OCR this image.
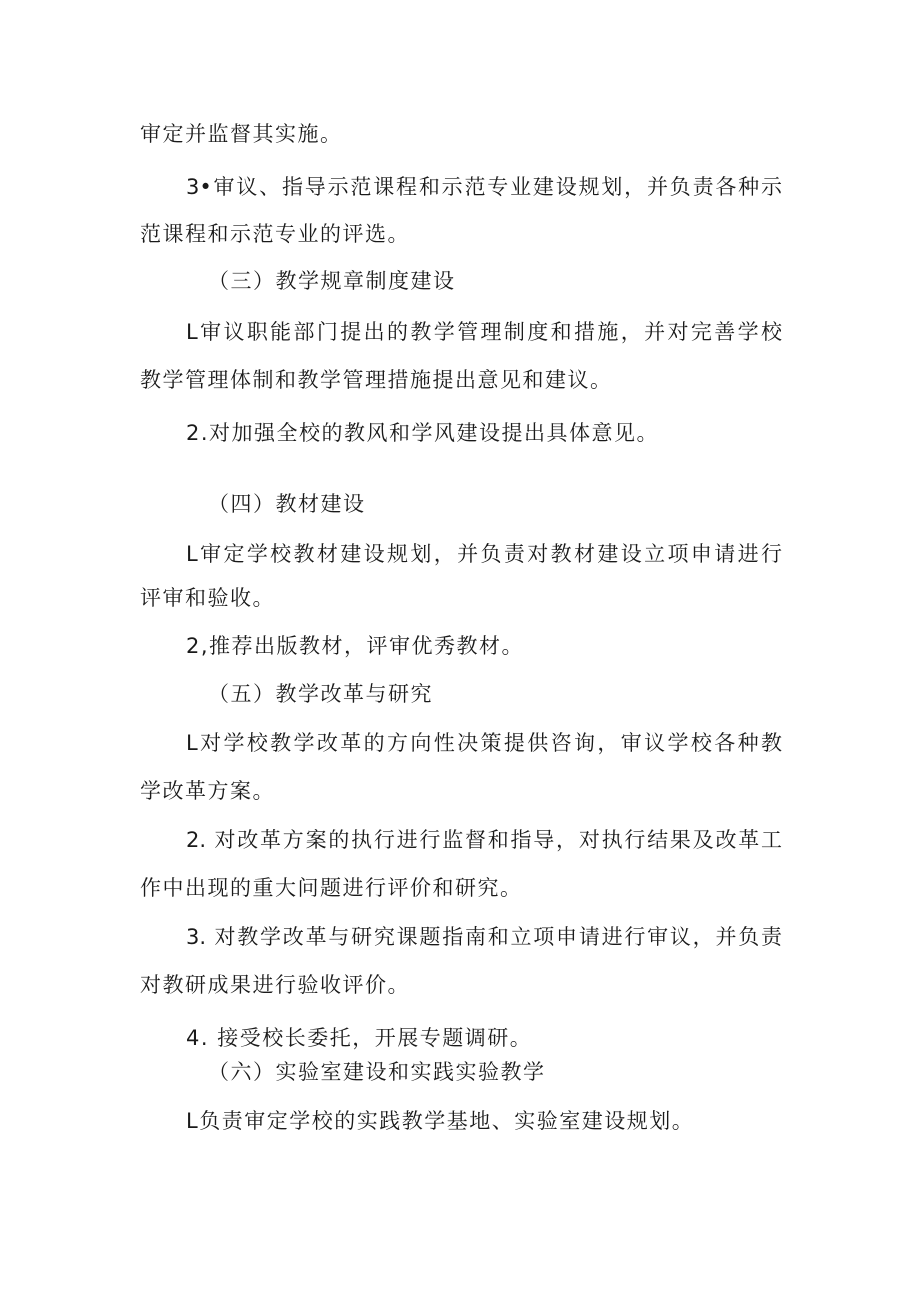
审定并监督其实施。
3•审议、指导示范课程和示范专业建设规划，并负责各种示
范课程和示范专业的评选。
（三）教学规章制度建设
L审议职能部门提出的教学管理制度和措施，并对完善学校
教学管理体制和教学管理措施提出意见和建议。
2.对加强全校的教风和学风建设提出具体意见。
（四）教材建设
L审定学校教材建设规划，并负责对教材建设立项申请进行
评审和验收。
2,推荐出版教材，评审优秀教材。
（五）教学改革与研究
L对学校教学改革的方向性决策提供咨询，审议学校各种教
学改革方案。
2. 对改革方案的执行进行监督和指导，对执行结果及改革工
作中出现的重大问题进行评价和研究。
3. 对教学改革与研究课题指南和立项申请进行审议，并负责
对教研成果进行验收评价。
4. 接受校长委托，开展专题调研。
（六）实验室建设和实践实验教学
L负责审定学校的实践教学基地、实验室建设规划。
